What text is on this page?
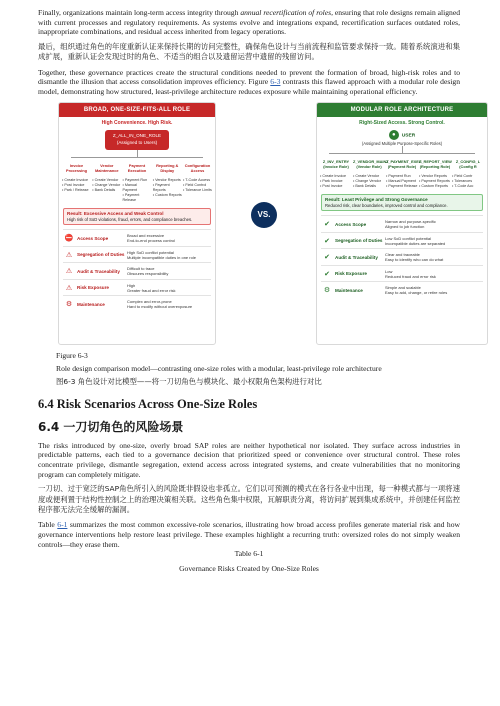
Finally, organizations maintain long-term access integrity through annual recertification of roles, ensuring that role designs remain aligned with current processes and regulatory requirements. As systems evolve and integrations expand, recertification surfaces outdated roles, inappropriate combinations, and residual access inherited from legacy operations.

最后，组织通过角色的年度重新认证来保持长期的访问完整性，确保角色设计与当前流程和监管要求保持一致。随着系统演进和集成扩展，重新认证会发现过时的角色、不适当的组合以及遗留运营中遗留的残留访问。

Together, these governance practices create the structural conditions needed to prevent the formation of broad, high-risk roles and to dismantle the illusion that access consolidation improves efficiency. Figure 6-3 contrasts this flawed approach with a modular role design model, demonstrating how structured, least-privilege architecture reduces exposure while maintaining operational efficiency.

BROAD, ONE-SIZE-FITS-ALL ROLE
High Convenience. High Risk.
Z_ALL_IN_ONE_ROLE
(Assigned to Users)
Invoice Processing
• Create Invoice
• Post Invoice
• Park / Release
Vendor Maintenance
• Create Vendor
• Change Vendor
• Bank Details
Payment Execution
• Payment Run
• Manual Payment
• Payment Release
Reporting & Display
• Vendor Reports
• Payment Reports
• Custom Reports
Configuration Access
• T-Code Access
• Field Control
• Tolerance Limits
Result: Excessive Access and Weak Control
High risk of SoD violations, fraud, errors, and compliance breaches.
⛔ Access Scope	Broad and excessive
End-to-end process control
⚠	Segregation of Duties High SoD conflict potential
Multiple incompatible duties in one role
⚠	Audit & Traceability	Difficult to trace
Obscures responsibility
⚠	Risk Exposure	High
Greater fraud and error risk
⚙	Maintenance	Complex and error-prone
Hard to modify without overexposure
VS.
MODULAR ROLE ARCHITECTURE
Right-Sized Access. Strong Control.
● USER
(Assigned Multiple Purpose-Specific Roles)
Z_INV_ENTRY (Invoice Role)
• Create Invoice
• Park Invoice
• Post Invoice
Z_VENDOR_MAINT (Vendor Role)
• Create Vendor
• Change Vendor
• Bank Details
Z_PAYMENT_EXEC (Payment Role)
• Payment Run
• Manual Payment
• Payment Release
Z_REPORT_VIEW (Reporting Role)
• Vendor Reports
• Payment Reports
• Custom Reports
Z_CONFIG_L (Config R
• Field Contr
• Tolerances
• T-Code Acc
Result: Least Privilege and Strong Governance
Reduced risk, clear boundaries, improved control and compliance.
✔	Access Scope	Narrow and purpose-specific
Aligned to job function
✔	Segregation of Duties Low SoD conflict potential
Incompatible duties are separated
✔	Audit & Traceability	Clear and traceable
Easy to identify who can do what
✔	Risk Exposure	Low
Reduced fraud and error risk
⚙	Maintenance	Simple and scalable
Easy to add, change, or retire roles

Figure 6-3

Role design comparison model—contrasting one-size roles with a modular, least-privilege role architecture

图6-3 角色设计对比模型——将一刀切角色与模块化、最小权限角色架构进行对比

6.4 Risk Scenarios Across One-Size Roles
6.4 一刀切角色的风险场景

The risks introduced by one-size, overly broad SAP roles are neither hypothetical nor isolated. They surface across industries in predictable patterns, each tied to a governance decision that prioritized speed or convenience over structural control. These roles concentrate privilege, dismantle segregation, extend access across integrated systems, and create vulnerabilities that no monitoring program can completely mitigate.

一刀切、过于宽泛的SAP角色所引入的风险既非假设也非孤立。它们以可预测的模式在各行各业中出现，每一种模式都与一项将速度或便利置于结构性控制之上的治理决策相关联。这些角色集中权限，瓦解职责分离，将访问扩展到集成系统中，并创建任何监控程序都无法完全缓解的漏洞。

Table 6-1 summarizes the most common excessive-role scenarios, illustrating how broad access profiles generate material risk and how governance interventions help restore least privilege. These examples highlight a recurring truth: oversized roles do not simply weaken controls—they erase them.

Table 6-1

Governance Risks Created by One-Size Roles
